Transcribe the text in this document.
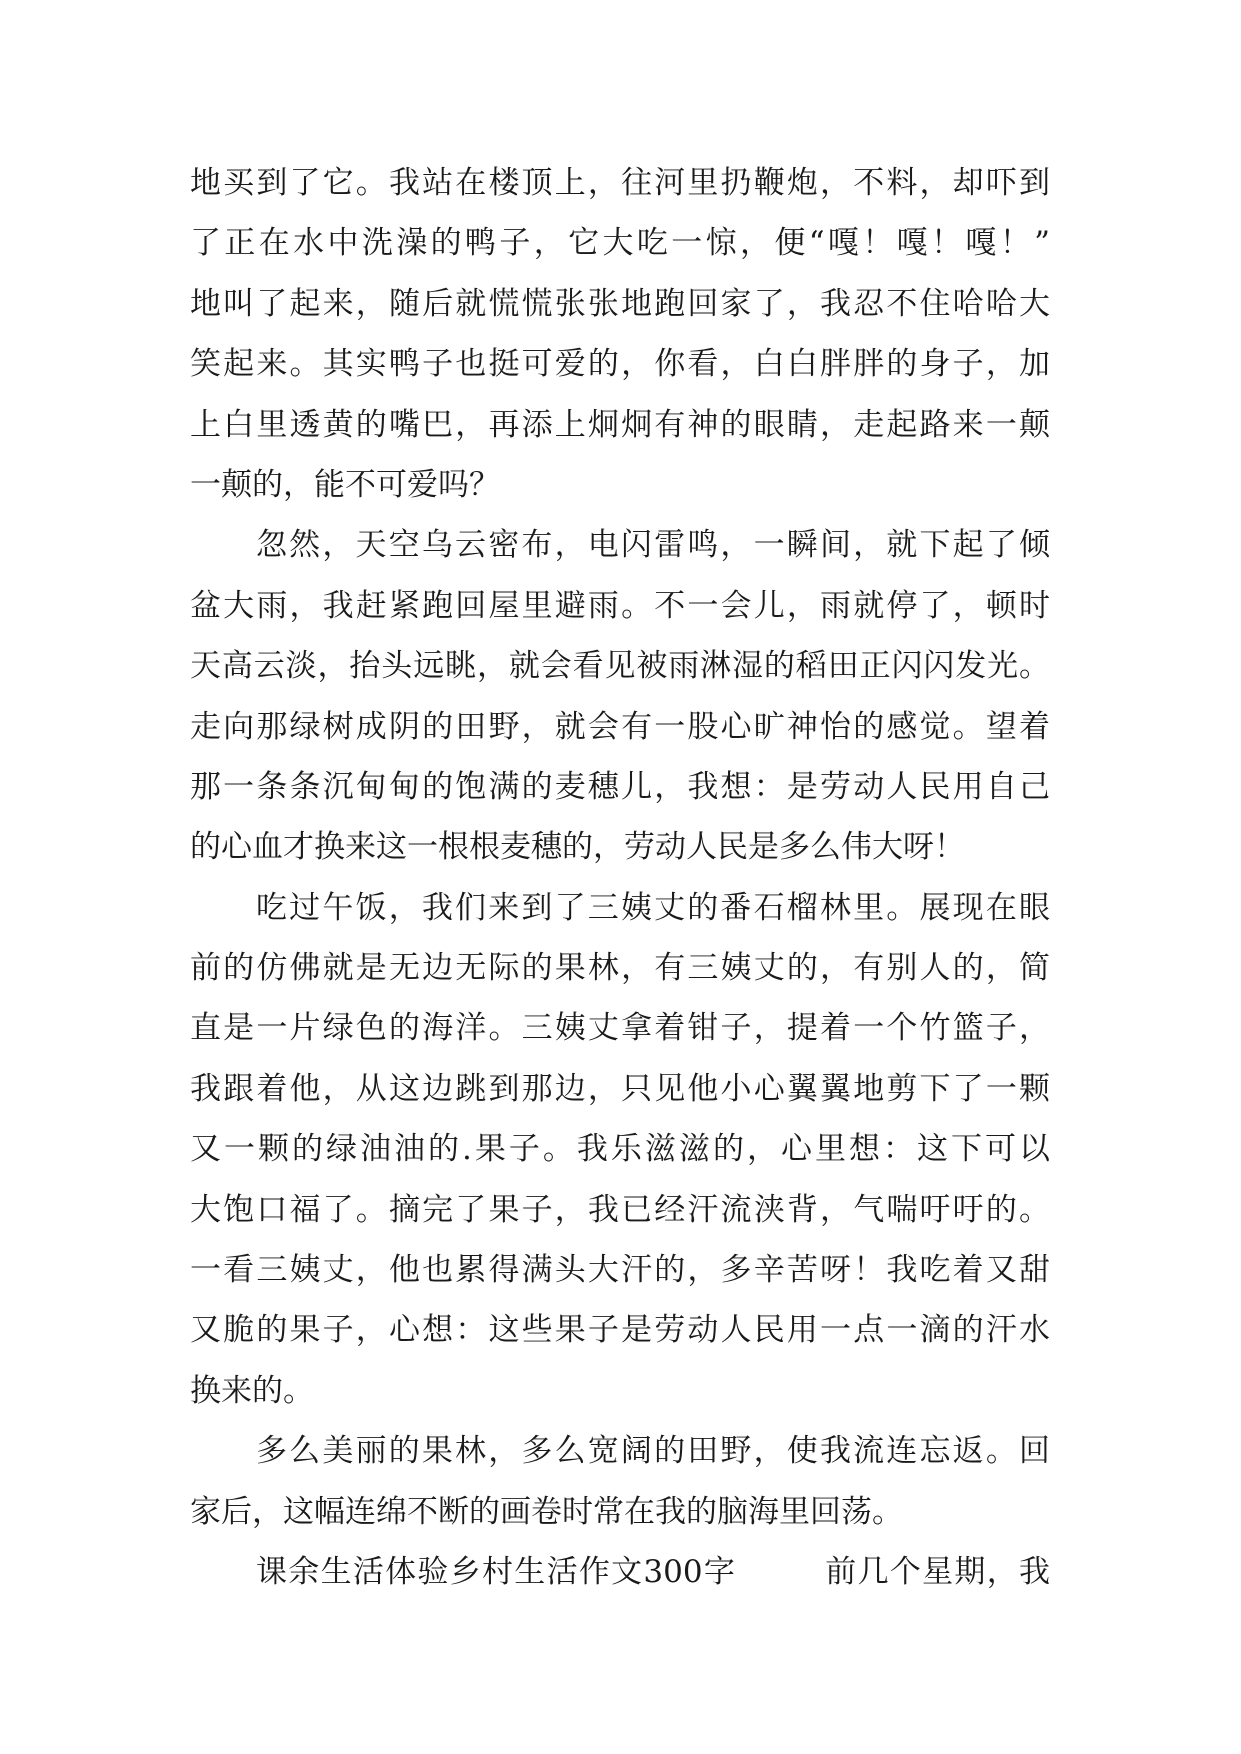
地买到了它。我站在楼顶上，往河里扔鞭炮，不料，却吓到
了正在水中洗澡的鸭子，它大吃一惊，便“嘎！嘎！嘎！”
地叫了起来，随后就慌慌张张地跑回家了，我忍不住哈哈大
笑起来。其实鸭子也挺可爱的，你看，白白胖胖的身子，加
上白里透黄的嘴巴，再添上炯炯有神的眼睛，走起路来一颠
一颠的，能不可爱吗？
忽然，天空乌云密布，电闪雷鸣，一瞬间，就下起了倾
盆大雨，我赶紧跑回屋里避雨。不一会儿，雨就停了，顿时
天高云淡，抬头远眺，就会看见被雨淋湿的稻田正闪闪发光。
走向那绿树成阴的田野，就会有一股心旷神怡的感觉。望着
那一条条沉甸甸的饱满的麦穗儿，我想：是劳动人民用自己
的心血才换来这一根根麦穗的，劳动人民是多么伟大呀！
吃过午饭，我们来到了三姨丈的番石榴林里。展现在眼
前的仿佛就是无边无际的果林，有三姨丈的，有别人的，简
直是一片绿色的海洋。三姨丈拿着钳子，提着一个竹篮子，
我跟着他，从这边跳到那边，只见他小心翼翼地剪下了一颗
又一颗的绿油油的.果子。我乐滋滋的，心里想：这下可以
大饱口福了。摘完了果子，我已经汗流浃背，气喘吁吁的。
一看三姨丈，他也累得满头大汗的，多辛苦呀！我吃着又甜
又脆的果子，心想：这些果子是劳动人民用一点一滴的汗水
换来的。
多么美丽的果林，多么宽阔的田野，使我流连忘返。回
家后，这幅连绵不断的画卷时常在我的脑海里回荡。
课余生活体验乡村生活作文300字        前几个星期，我
